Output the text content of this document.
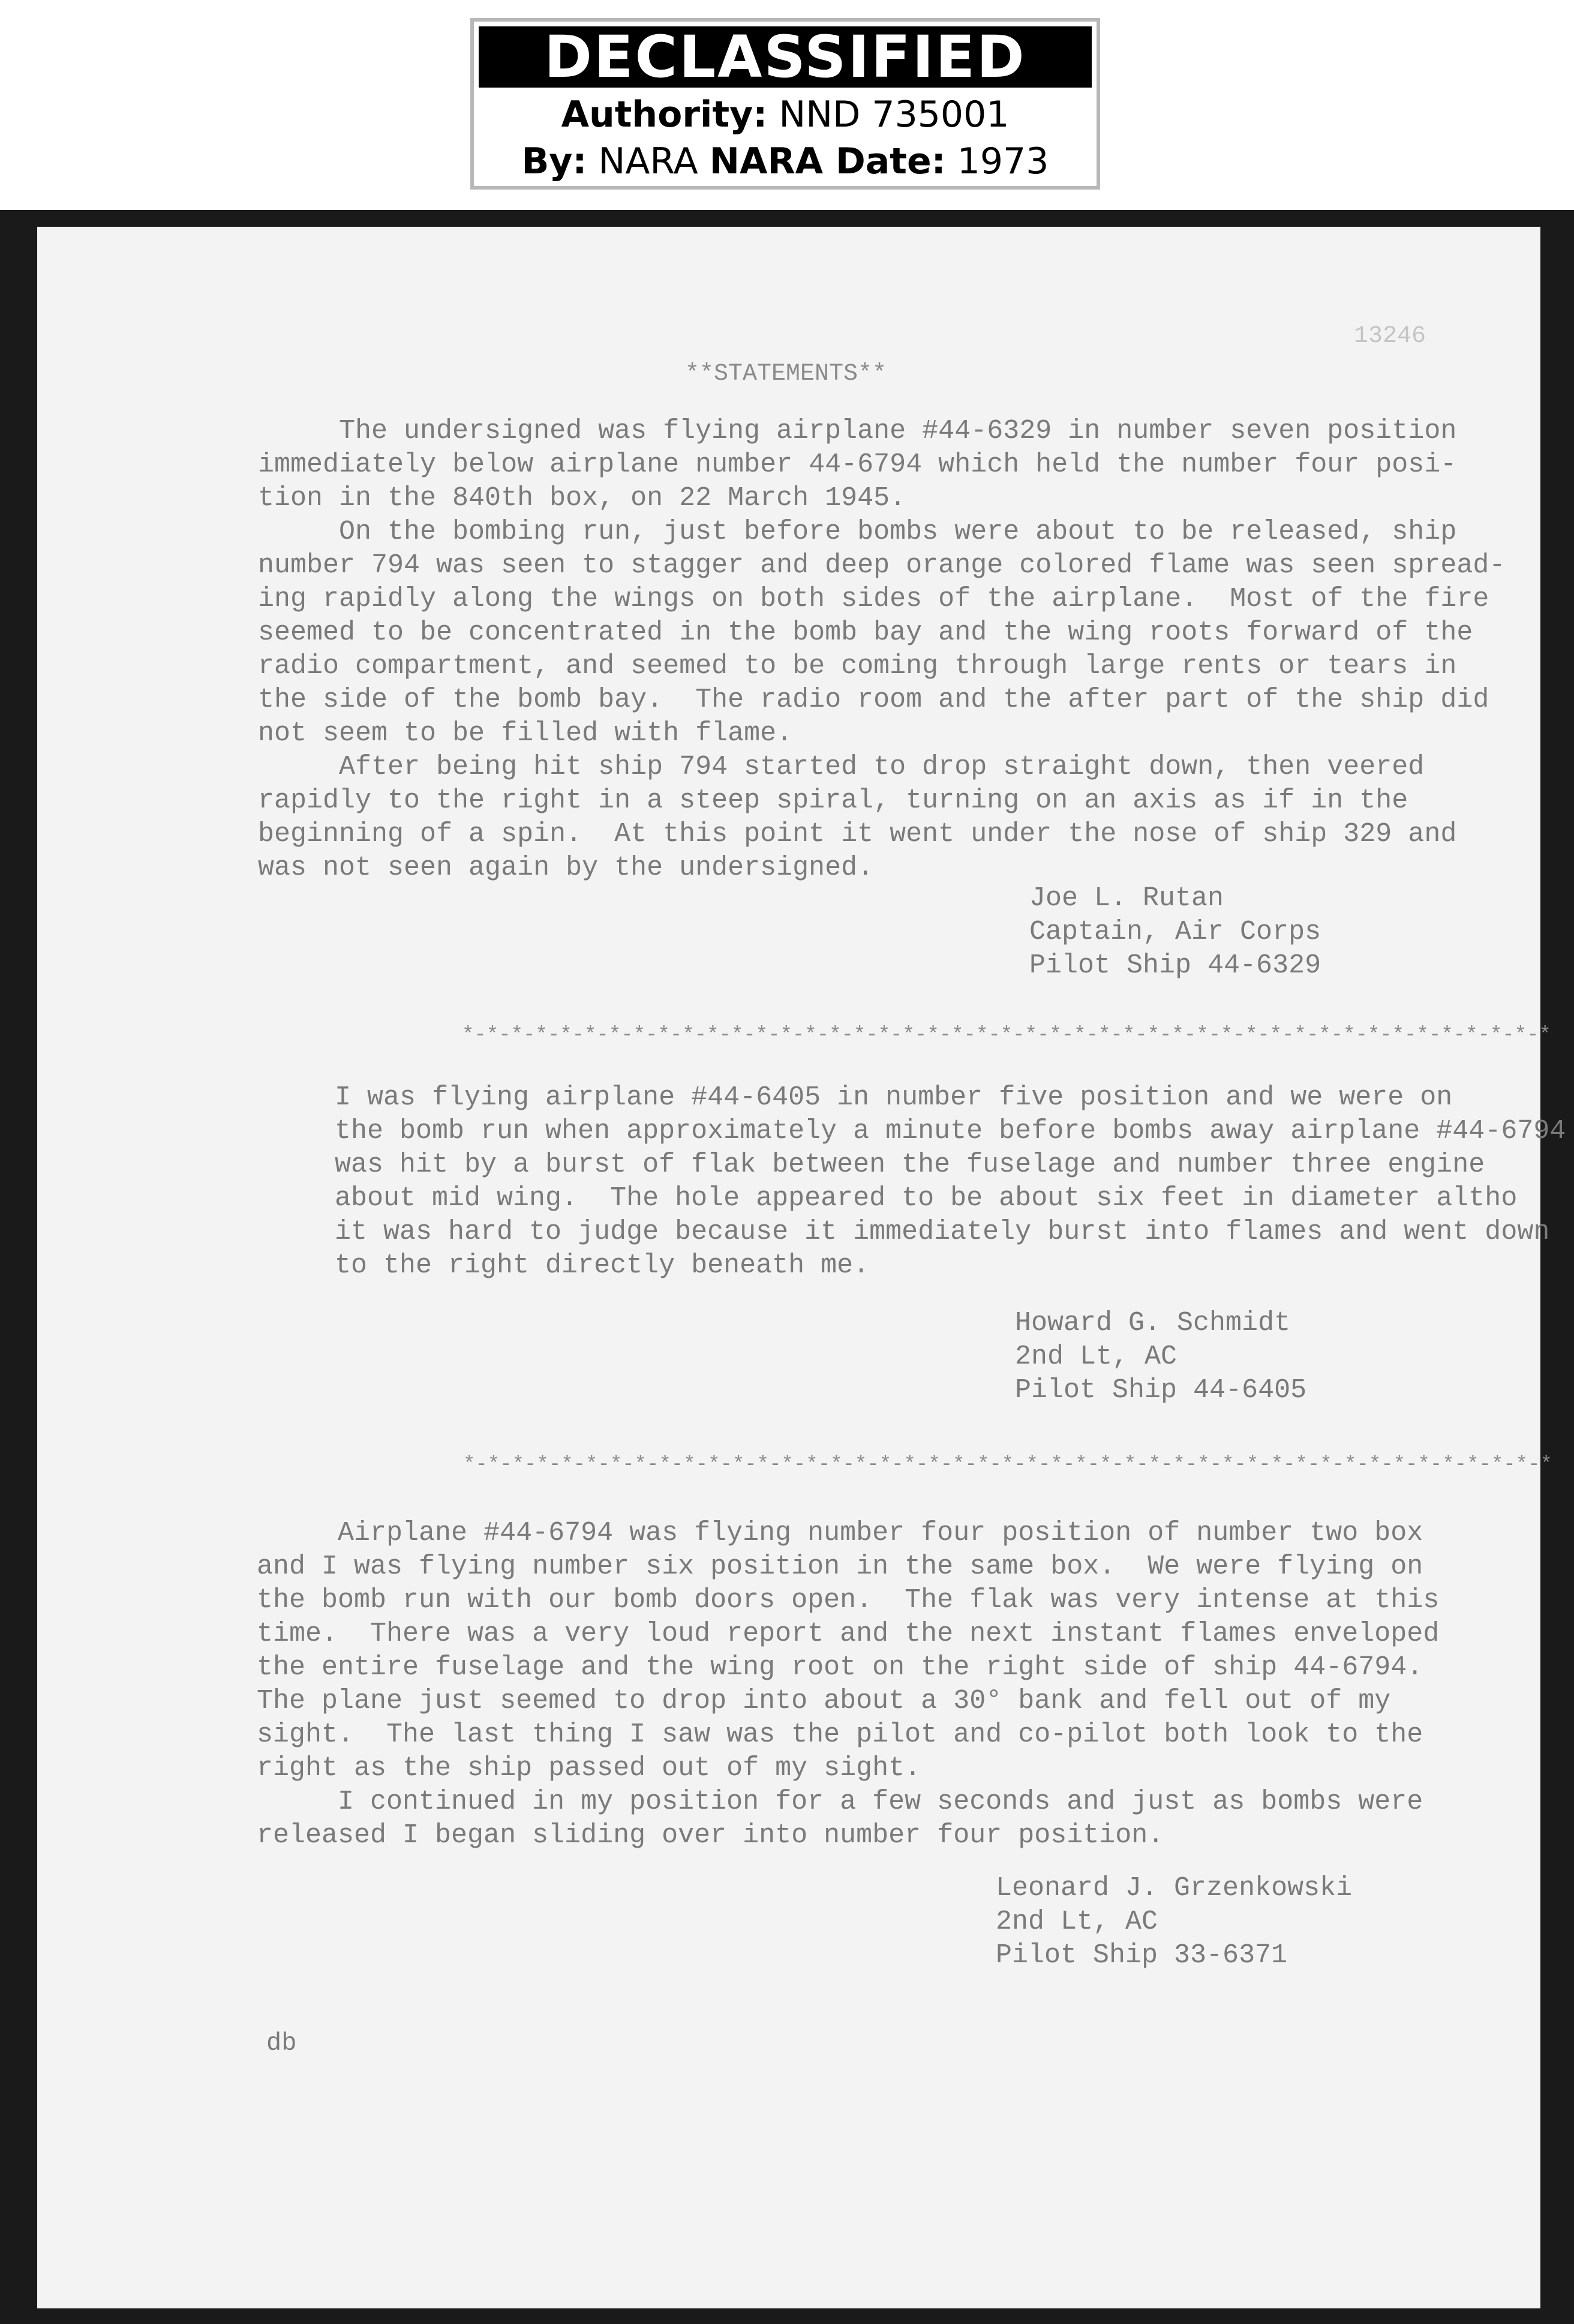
DECLASSIFIED
Authority: NND 735001
By: NARA NARA Date: 1973
13246
**STATEMENTS**
The undersigned was flying airplane #44-6329 in number seven position
immediately below airplane number 44-6794 which held the number four posi-
tion in the 840th box, on 22 March 1945.
On the bombing run, just before bombs were about to be released, ship
number 794 was seen to stagger and deep orange colored flame was seen spread-
ing rapidly along the wings on both sides of the airplane.  Most of the fire
seemed to be concentrated in the bomb bay and the wing roots forward of the
radio compartment, and seemed to be coming through large rents or tears in
the side of the bomb bay.  The radio room and the after part of the ship did
not seem to be filled with flame.
After being hit ship 794 started to drop straight down, then veered
rapidly to the right in a steep spiral, turning on an axis as if in the
beginning of a spin.  At this point it went under the nose of ship 329 and
was not seen again by the undersigned.
Joe L. Rutan
Captain, Air Corps
Pilot Ship 44-6329
*-*-*-*-*-*-*-*-*-*-*-*-*-*-*-*-*-*-*-*-*-*-*-*-*-*-*-*-*-*-*-*-*-*-*-*-*-*-*-*-*-*-*-*-*
I was flying airplane #44-6405 in number five position and we were on
the bomb run when approximately a minute before bombs away airplane #44-6794
was hit by a burst of flak between the fuselage and number three engine
about mid wing.  The hole appeared to be about six feet in diameter altho
it was hard to judge because it immediately burst into flames and went down
to the right directly beneath me.
Howard G. Schmidt
2nd Lt, AC
Pilot Ship 44-6405
*-*-*-*-*-*-*-*-*-*-*-*-*-*-*-*-*-*-*-*-*-*-*-*-*-*-*-*-*-*-*-*-*-*-*-*-*-*-*-*-*-*-*-*-*
Airplane #44-6794 was flying number four position of number two box
and I was flying number six position in the same box.  We were flying on
the bomb run with our bomb doors open.  The flak was very intense at this
time.  There was a very loud report and the next instant flames enveloped
the entire fuselage and the wing root on the right side of ship 44-6794.
The plane just seemed to drop into about a 30° bank and fell out of my
sight.  The last thing I saw was the pilot and co-pilot both look to the
right as the ship passed out of my sight.
I continued in my position for a few seconds and just as bombs were
released I began sliding over into number four position.
Leonard J. Grzenkowski
2nd Lt, AC
Pilot Ship 33-6371
db
